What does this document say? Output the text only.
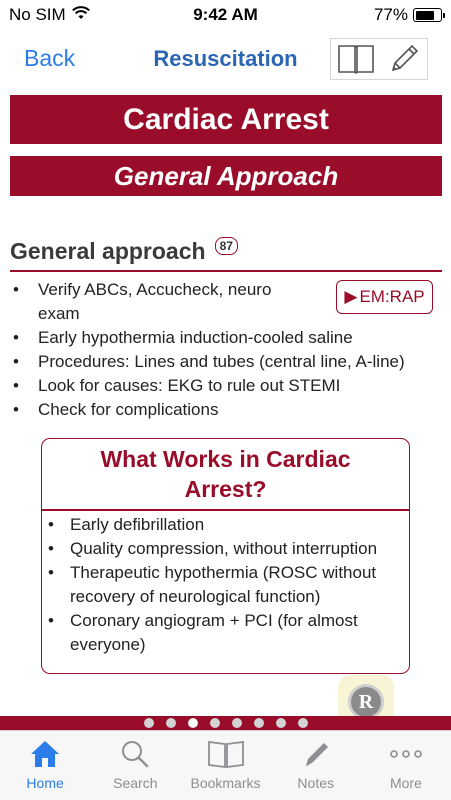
No SIM	9:42 AM	77%
Back	Resuscitation
Cardiac Arrest
General Approach
General approach	87
▶ EM:RAP
• Verify ABCs, Accucheck, neuro exam
• Early hypothermia induction-cooled saline
• Procedures: Lines and tubes (central line, A-line)
• Look for causes: EKG to rule out STEMI
• Check for complications
What Works in Cardiac Arrest?
• Early defibrillation
• Quality compression, without interruption
• Therapeutic hypothermia (ROSC without recovery of neurological function)
• Coronary angiogram + PCI (for almost everyone)
R
Home	Search Bookmarks	Notes	More
